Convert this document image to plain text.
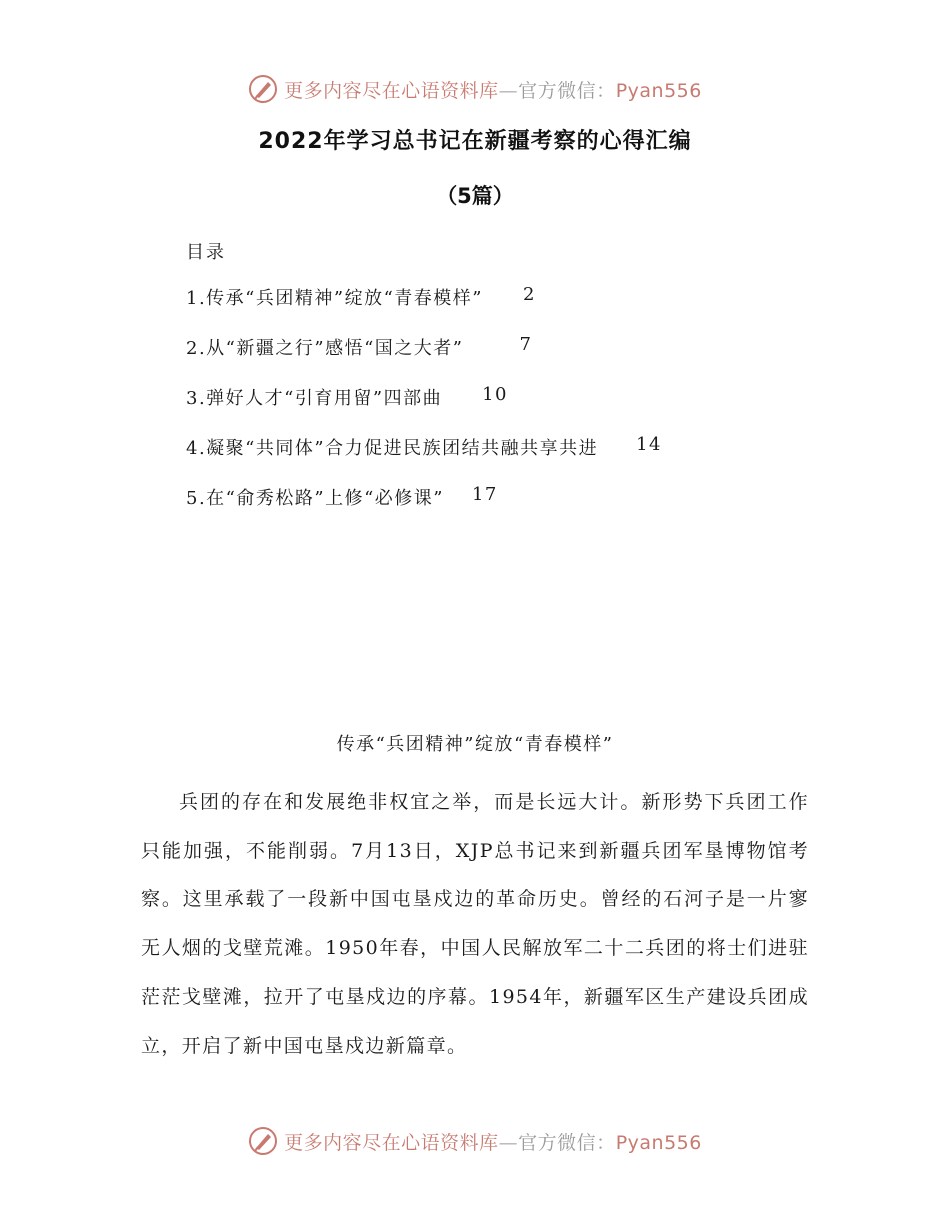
更多内容尽在心语资料库—官方微信：Pyan556
2022年学习总书记在新疆考察的心得汇编
（5篇）
目录
1.传承“兵团精神”绽放“青春模样” 2
2.从“新疆之行”感悟“国之大者”	7
3.弹好人才“引育用留”四部曲 10
4.凝聚“共同体”合力促进民族团结共融共享共进 14
5.在“俞秀松路”上修“必修课” 17
传承“兵团精神”绽放“青春模样”

兵团的存在和发展绝非权宜之举，而是长远大计。新形势下兵团工作只能加强，不能削弱。7月13日，XJP总书记来到新疆兵团军垦博物馆考察。这里承载了一段新中国屯垦戍边的革命历史。曾经的石河子是一片寥无人烟的戈壁荒滩。1950年春，中国人民解放军二十二兵团的将士们进驻茫茫戈壁滩，拉开了屯垦戍边的序幕。1954年，新疆军区生产建设兵团成立，开启了新中国屯垦戍边新篇章。

更多内容尽在心语资料库—官方微信：Pyan556
